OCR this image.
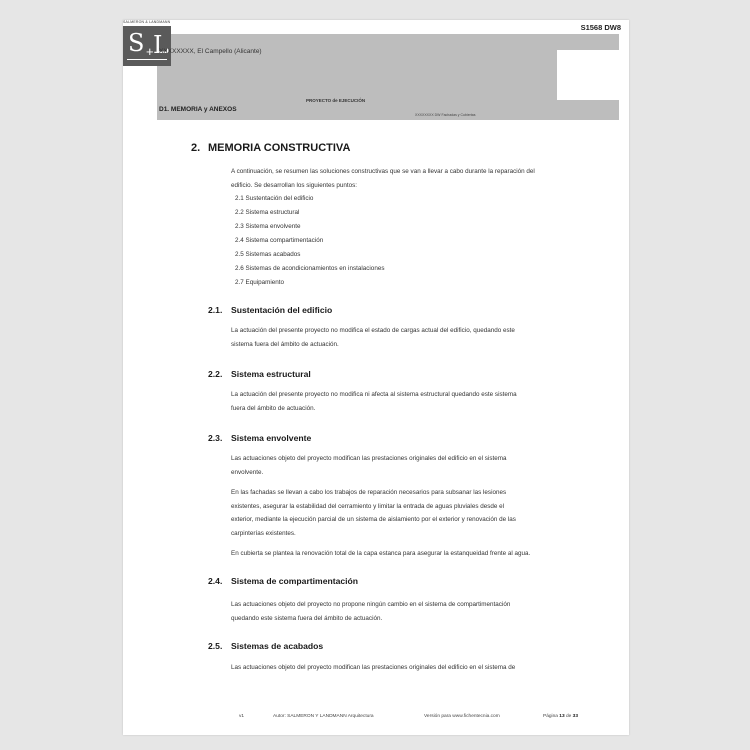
SALMERON & LANDMANN
S + L
S1568 DW8
XXXXXXXX, El Campello (Alicante)
PROYECTO de EJECUCIÓN
D1. MEMORIA y ANEXOS
XXXXXXXX DW Fachadas y Cubiertas
2. MEMORIA CONSTRUCTIVA
A continuación, se resumen las soluciones constructivas que se van a llevar a cabo durante la reparación del
edificio. Se desarrollan los siguientes puntos:
2.1 Sustentación del edificio
2.2 Sistema estructural
2.3 Sistema envolvente
2.4 Sistema compartimentación
2.5 Sistemas acabados
2.6 Sistemas de acondicionamientos en instalaciones
2.7 Equipamiento
2.1. Sustentación del edificio
La actuación del presente proyecto no modifica el estado de cargas actual del edificio, quedando este
sistema fuera del ámbito de actuación.
2.2. Sistema estructural
La actuación del presente proyecto no modifica ni afecta al sistema estructural quedando este sistema
fuera del ámbito de actuación.
2.3. Sistema envolvente
Las actuaciones objeto del proyecto modifican las prestaciones originales del edificio en el sistema
envolvente.
En las fachadas se llevan a cabo los trabajos de reparación necesarios para subsanar las lesiones
existentes, asegurar la estabilidad del cerramiento y limitar la entrada de aguas pluviales desde el
exterior, mediante la ejecución parcial de un sistema de aislamiento por el exterior y renovación de las
carpinterías existentes.
En cubierta se plantea la renovación total de la capa estanca para asegurar la estanqueidad frente al agua.
2.4. Sistema de compartimentación
Las actuaciones objeto del proyecto no propone ningún cambio en el sistema de compartimentación
quedando este sistema fuera del ámbito de actuación.
2.5. Sistemas de acabados
Las actuaciones objeto del proyecto modifican las prestaciones originales del edificio en el sistema de
v1	Autor: SALMERON Y LANDMANN Arquitectura	Versión para www.fichentecnia.com	Página 13 de 33
